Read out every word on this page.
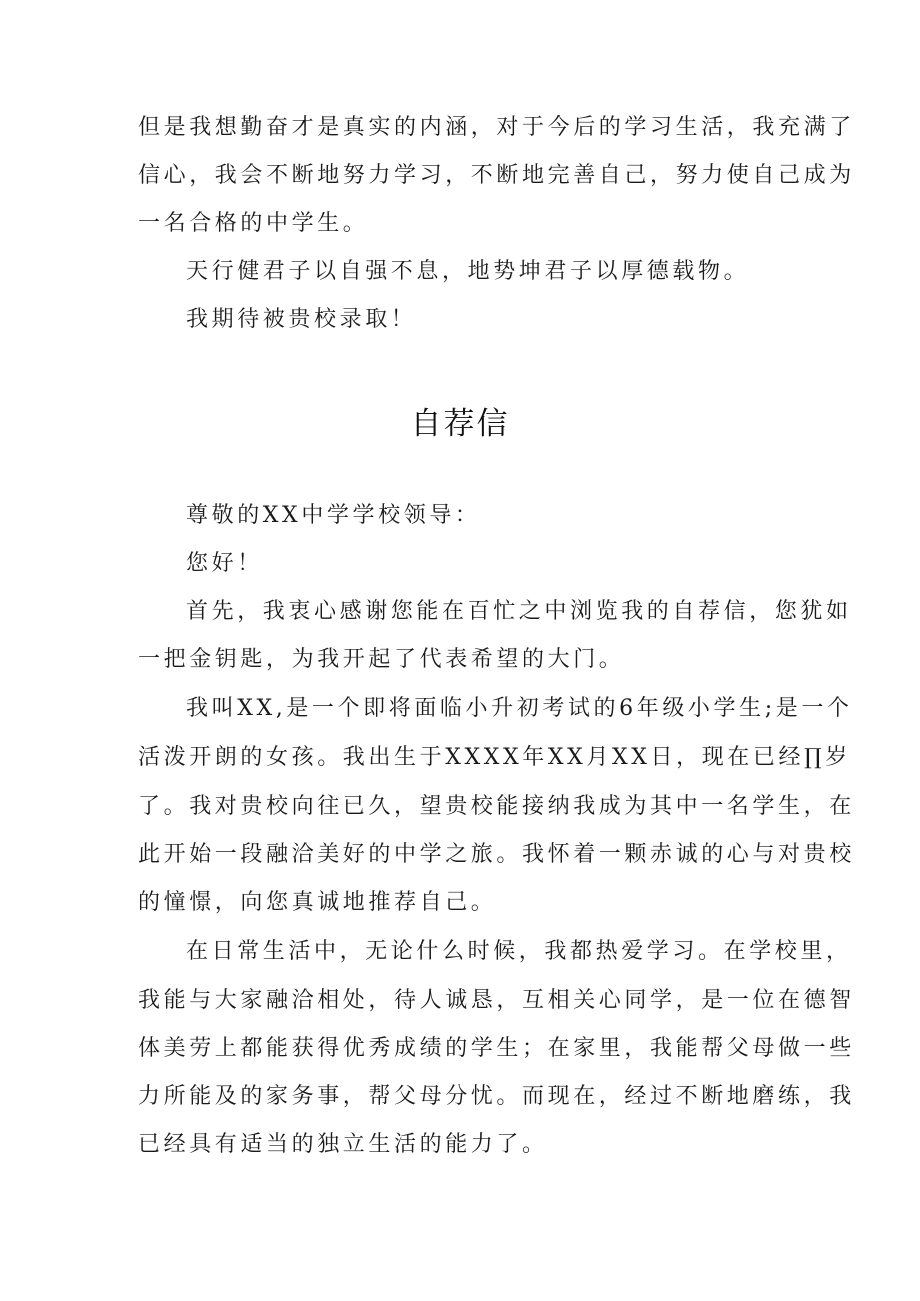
但是我想勤奋才是真实的内涵，对于今后的学习生活，我充满了
信心，我会不断地努力学习，不断地完善自己，努力使自己成为
一名合格的中学生。
天行健君子以自强不息，地势坤君子以厚德载物。
我期待被贵校录取！
自荐信
尊敬的XX中学学校领导：
您好！
首先，我衷心感谢您能在百忙之中浏览我的自荐信，您犹如
一把金钥匙，为我开起了代表希望的大门。
我叫XX,是一个即将面临小升初考试的6年级小学生;是一个
活泼开朗的女孩。我出生于XXXX年XX月XX日，现在已经∏岁
了。我对贵校向往已久，望贵校能接纳我成为其中一名学生，在
此开始一段融洽美好的中学之旅。我怀着一颗赤诚的心与对贵校
的憧憬，向您真诚地推荐自己。
在日常生活中，无论什么时候，我都热爱学习。在学校里，
我能与大家融洽相处，待人诚恳，互相关心同学，是一位在德智
体美劳上都能获得优秀成绩的学生；在家里，我能帮父母做一些
力所能及的家务事，帮父母分忧。而现在，经过不断地磨练，我
已经具有适当的独立生活的能力了。
